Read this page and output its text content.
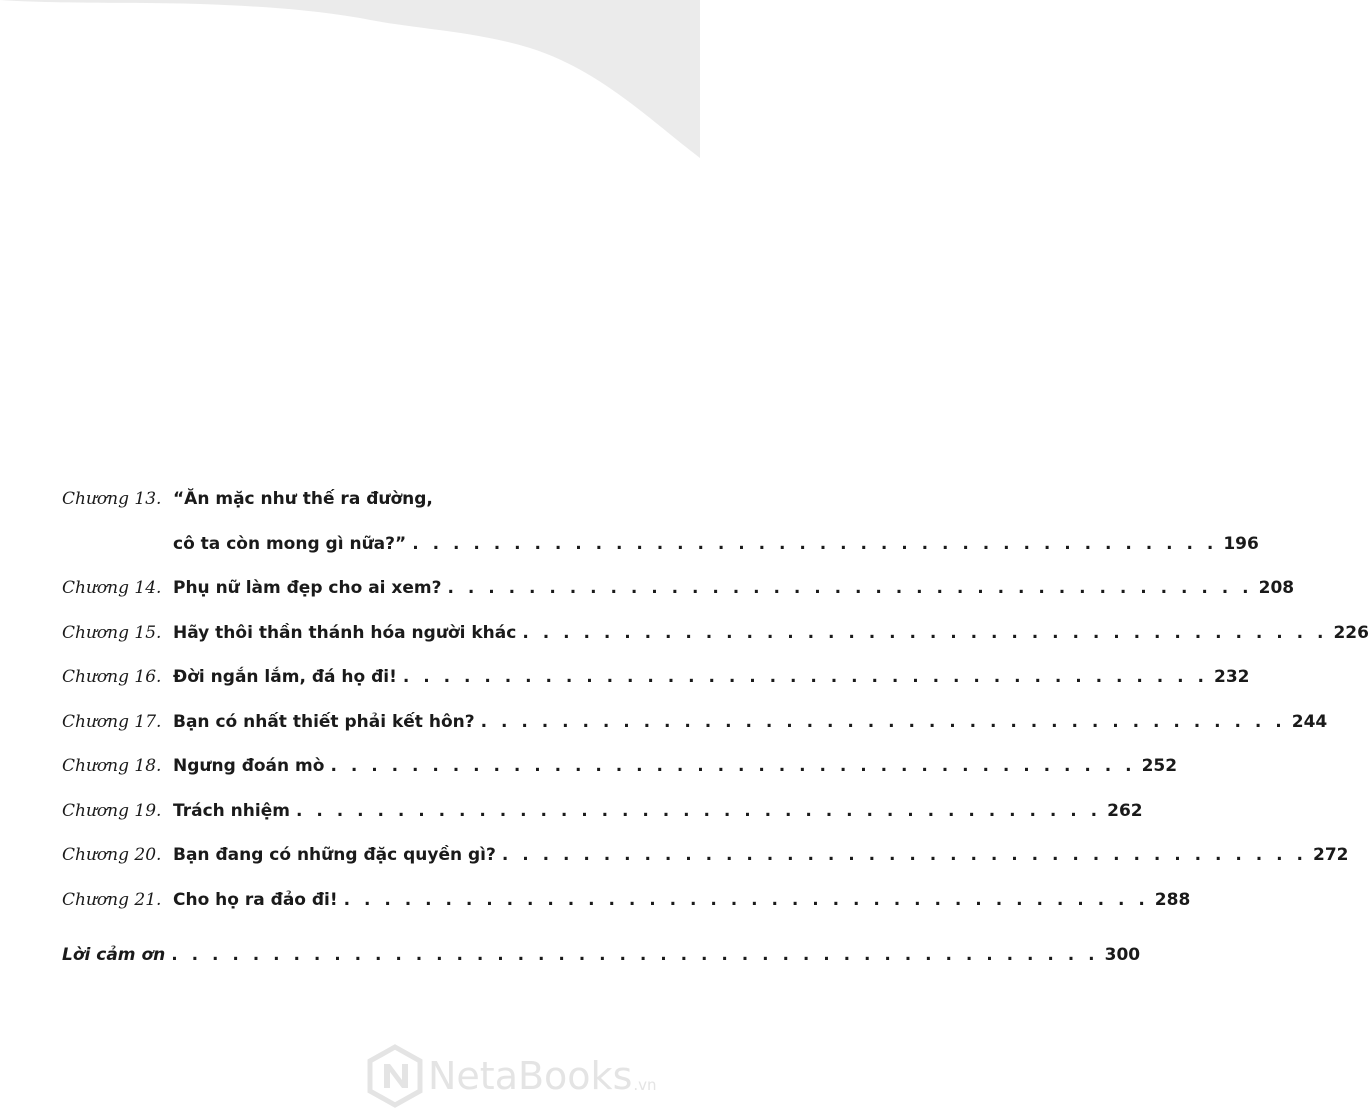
Chương 13. “Ăn mặc như thế ra đường,
cô ta còn mong gì nữa?” . . . . . . . . . . . . . . . . . . . . . . . . . . . . . . . . . . . . . . . . 196
Chương 14. Phụ nữ làm đẹp cho ai xem? . . . . . . . . . . . . . . . . . . . . . . . . . . . . . . . . . . . . . . . . 208
Chương 15. Hãy thôi thần thánh hóa người khác . . . . . . . . . . . . . . . . . . . . . . . . . . . . . . . . . . . . . . . . 226
Chương 16. Đời ngắn lắm, đá họ đi! . . . . . . . . . . . . . . . . . . . . . . . . . . . . . . . . . . . . . . . . 232
Chương 17. Bạn có nhất thiết phải kết hôn? . . . . . . . . . . . . . . . . . . . . . . . . . . . . . . . . . . . . . . . . 244
Chương 18. Ngưng đoán mò . . . . . . . . . . . . . . . . . . . . . . . . . . . . . . . . . . . . . . . . 252
Chương 19. Trách nhiệm . . . . . . . . . . . . . . . . . . . . . . . . . . . . . . . . . . . . . . . . 262
Chương 20. Bạn đang có những đặc quyền gì? . . . . . . . . . . . . . . . . . . . . . . . . . . . . . . . . . . . . . . . . 272
Chương 21. Cho họ ra đảo đi! . . . . . . . . . . . . . . . . . . . . . . . . . . . . . . . . . . . . . . . . 288
Lời cảm ơn . . . . . . . . . . . . . . . . . . . . . . . . . . . . . . . . . . . . . . . . . . . . . . 300
NetaBooks .vn
